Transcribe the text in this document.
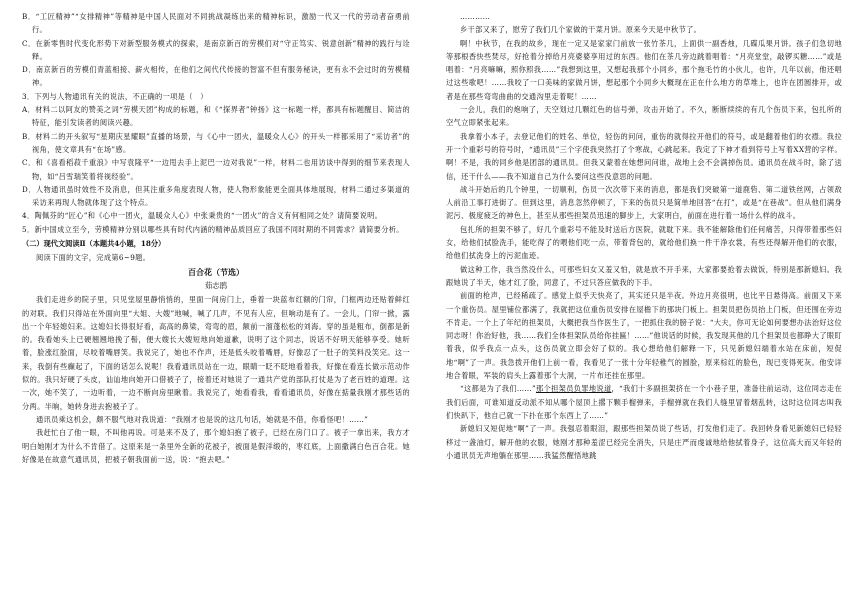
B．“工匠精神”“女排精神”等精神是中国人民面对不同挑战凝练出来的精神标识，激励一代又一代的劳动者奋勇前行。

C．在新零售时代变化形势下对新型服务模式的探索，是南京新百的劳模们对“守正笃实、锐意创新”精神的践行与诠释。

D．南京新百的劳模们青蓝相接、薪火相传，在他们之间代代传接的智富不但有服务秘诀，更有永不会过时的劳模精神。

3．下列与人物通讯有关的说法，不正确的一项是（　）

A．材料二以阿友的赞美之词“劳模天团”构成的标题，和《“探界者”钟扬》这一标题一样，都具有标题醒目、简洁的特征，能引发读者的阅读兴趣。

B．材料二的开头叙写“星期庆星耀眼”直播的场景，与《心中一团火，温暖众人心》的开头一样都采用了“采访者”的视角，使文章具有“在场”感。

C．和《喜看稻菽千重浪》中写袁隆平“一边甩去手上泥巴一边对我说”一样，材料二也用访谈中得到的细节来表现人物，如“吕雪瑞笑着将视经验”。

D．人物通讯虽时效性不及消息，但其注重多角度表现人物，使人物形象能更全面具体地展现，材料二通过多渠道的采访来再现人物就体现了这个特点。

4．陶佩芬的“匠心”和《心中一团火，温暖众人心》中张秉贵的“一团火”的含义有何相同之处？请简要说明。

5．新中国成立至今，劳模精神分别以哪些具有时代内涵的精神品质回应了我国不同时期的不同需求？请简要分析。

（二）现代文阅读Ⅱ（本题共4小题，18分）

阅读下面的文字，完成第6~9题。

百合花（节选）

茹志鹃

我们走进乡的院子里，只见堂屋里静悄悄的，里面一间房门上，垂着一块蓝布红额的门帘，门框两边还贴着鲜红的对联。我们只得站在外面向里“大姐、大嫂”地喊，喊了几声，不见有人应，但响动是有了。一会儿，门帘一掀，露出一个年轻媳妇来。这媳妇长得很好看，高高的鼻梁，弯弯的眉，额前一溜蓬松松的刘海。穿的虽是粗布，倒都是新的。我看她头上已硬翘翘地挽了髻，便大嫂长大嫂短地向她道歉，说明了这个同志，说话不好明天能够享受。她听着，脸涨红脸面，尽咬着嘴唇笑。我说完了，她也不作声，还是低头咬着嘴唇，好像忍了一肚子的笑料没笑完。这一来，我倒有些癫起了，下面的话怎么说呢！我看通讯员站在一边，眼睛一眨不眨地看着我，好像在看连长做示范动作似的。我只好硬了头皮，讪讪地向她开口借被子了，接着还对她说了一通共产党的部队打仗是为了老百姓的道理。这一次，她不笑了，一边听着，一边不断向房里瞅着。我说完了，她看看我，看看通讯员，好像在掂量我刚才那些话的分两。半晌，她转身进去抱被子了。

通讯员乘这机会，颇不服气地对我说道：“我刚才也是说的这几句话，她就是不借，你看怪吧！……”

我赶忙白了他一眼，不叫他再说。可是来不及了，那个媳妇抱了被子，已经在房门口了。被子一拿出来，我方才明白她刚才为什么不肯借了。这原来是一条里外全新的花被子，被面是假洋缎的，枣红底，上面撒满白色百合花。她好像是在故意气通讯员，把被子朝我面前一送，说：“抱去吧。”

…………

乡干部又来了，慰劳了我们几个家做的干菜月饼。原来今天是中秋节了。

啊！中秋节，在我的故乡，现在一定又是家家门前放一张竹茶几，上面供一副香烛，几碟瓜果月饼。孩子们急切地等那根香快些焚尽，好抢着分掉给月亮婆婆享用过的东西。他们在茶几旁边跳着唱着：“月亮堂堂，敲锣买糖……”或是唱着：“月亮嘛嘛，照你照我……”我想到这里，又想起我那个小同乡，那个拖毛竹的小伙儿，也许，几年以前，他还唱过这些歌吧！……我咬了一口美味的家做月饼，想起那个小同乡大概现在正在什么地方的草堆上，也许在团圆排开，或者是在那些弯弯曲曲的交通沟里走着呢！……

一会儿，我们的炮响了，天空划过几颗红色的信号弹，攻击开始了。不久，断断续续的有几个伤员下来，包扎所的空气立即紧张起来。

我拿着小本子，去登记他们的姓名、单位，轻伤的问问，重伤的就得拉开他们的符号，或是翻着他们的衣襟。我拉开一个重彩号的符号时，“通讯员”三个字使我突然打了个寒战，心跳起来。我定了下神才看到符号上写着XX营的字样。啊！不是，我的同乡他是团部的通讯员。但我又蒙着在她想问问谁，战地上会不会满掉伤员。通讯员在战斗时，除了送信，还干什么——我不知道自己为什么要问这些没意思的问题。

战斗开始后的几个钟里，一切顺利，伤员一次次带下来的消息，都是我们突破第一道鹿砦、第二道铁丝网，占领敌人前沿工事打进街了。但到这里，消息忽然停顿了，下来的伤员只是简单地回答“在打”，或是“在巷战”。但从他们满身泥污、极度疲乏的神色上，甚至从那些担架员迅速的脚步上，大家明白，前面在进行着一场什么样的战斗。

包扎所的担架不够了，好几个重彩号不能及时送后方医院，就耽下来。我不能解除他们任何痛苦，只得带着那些妇女，给他们拭脸洗手，能吃得了的喂他们吃一点，带着背包的，就给他们换一件干净衣裳，有些还得解开他们的衣服，给他们拭洗身上的污泥血迹。

做这种工作，我当然没什么，可那些妇女又羞又怕，就是放不开手来，大家都要抢着去做饭，特别是那新媳妇。我跟她说了半天，她才红了脸，同意了，不过只答应做我的下手。

前面的枪声，已经稀疏了。感觉上似乎天快亮了，其实还只是半夜。外边月亮很明，也比平日悬得高。前面又下来一个重伤员。屋里铺位都满了，我就把这位重伤员安排在屋檐下的那块门板上。担架员把伤员抬上门板，但还围在旁边不肯走。一个上了年纪的担架员，大概把我当作医生了，一把抓住我的膀子说：“大夫，你可无论如何要想办法治好这位同志呀！你治好他，我……我们全体担架队员给你挂匾！……”他说话的时候，我发现其他的几个担架员也都睁大了眼盯着我，似乎我点一点头，这伤员就立即会好了似的。我心想给他们解释一下，只见新媳妇端着水站在床前，短促地“啊”了一声。我急拨开他们上前一看，我看见了一张十分年轻稚气的圆脸，原来棕红的脸色，现已变得死灰。他安详地合着眼，军装的肩头上露着那个大洞，一片布还挂在那里。

“这都是为了我们……”那个担架员负罪地说道，“我们十多副担架挤在一个小巷子里，准备往前运动，这位同志走在我们后面，可谁知道反动派不知从哪个屋顶上撂下颗手榴弹来，手榴弹就在我们人缝里冒着烟乱转，这时这位同志叫我们快趴下，他自己就一下扑在那个东西上了……”

新媳妇又短促地“啊”了一声。我强忍着眼泪，跟那些担架员说了些话，打发他们走了。我回转身看见新媳妇已轻轻移过一盏油灯，解开他的衣服，她刚才那种羞涩已经完全消失，只是庄严而虔诚地给他拭着身子，这位高大而又年轻的小通讯员无声地躺在那里……我猛然醒悟地跳
